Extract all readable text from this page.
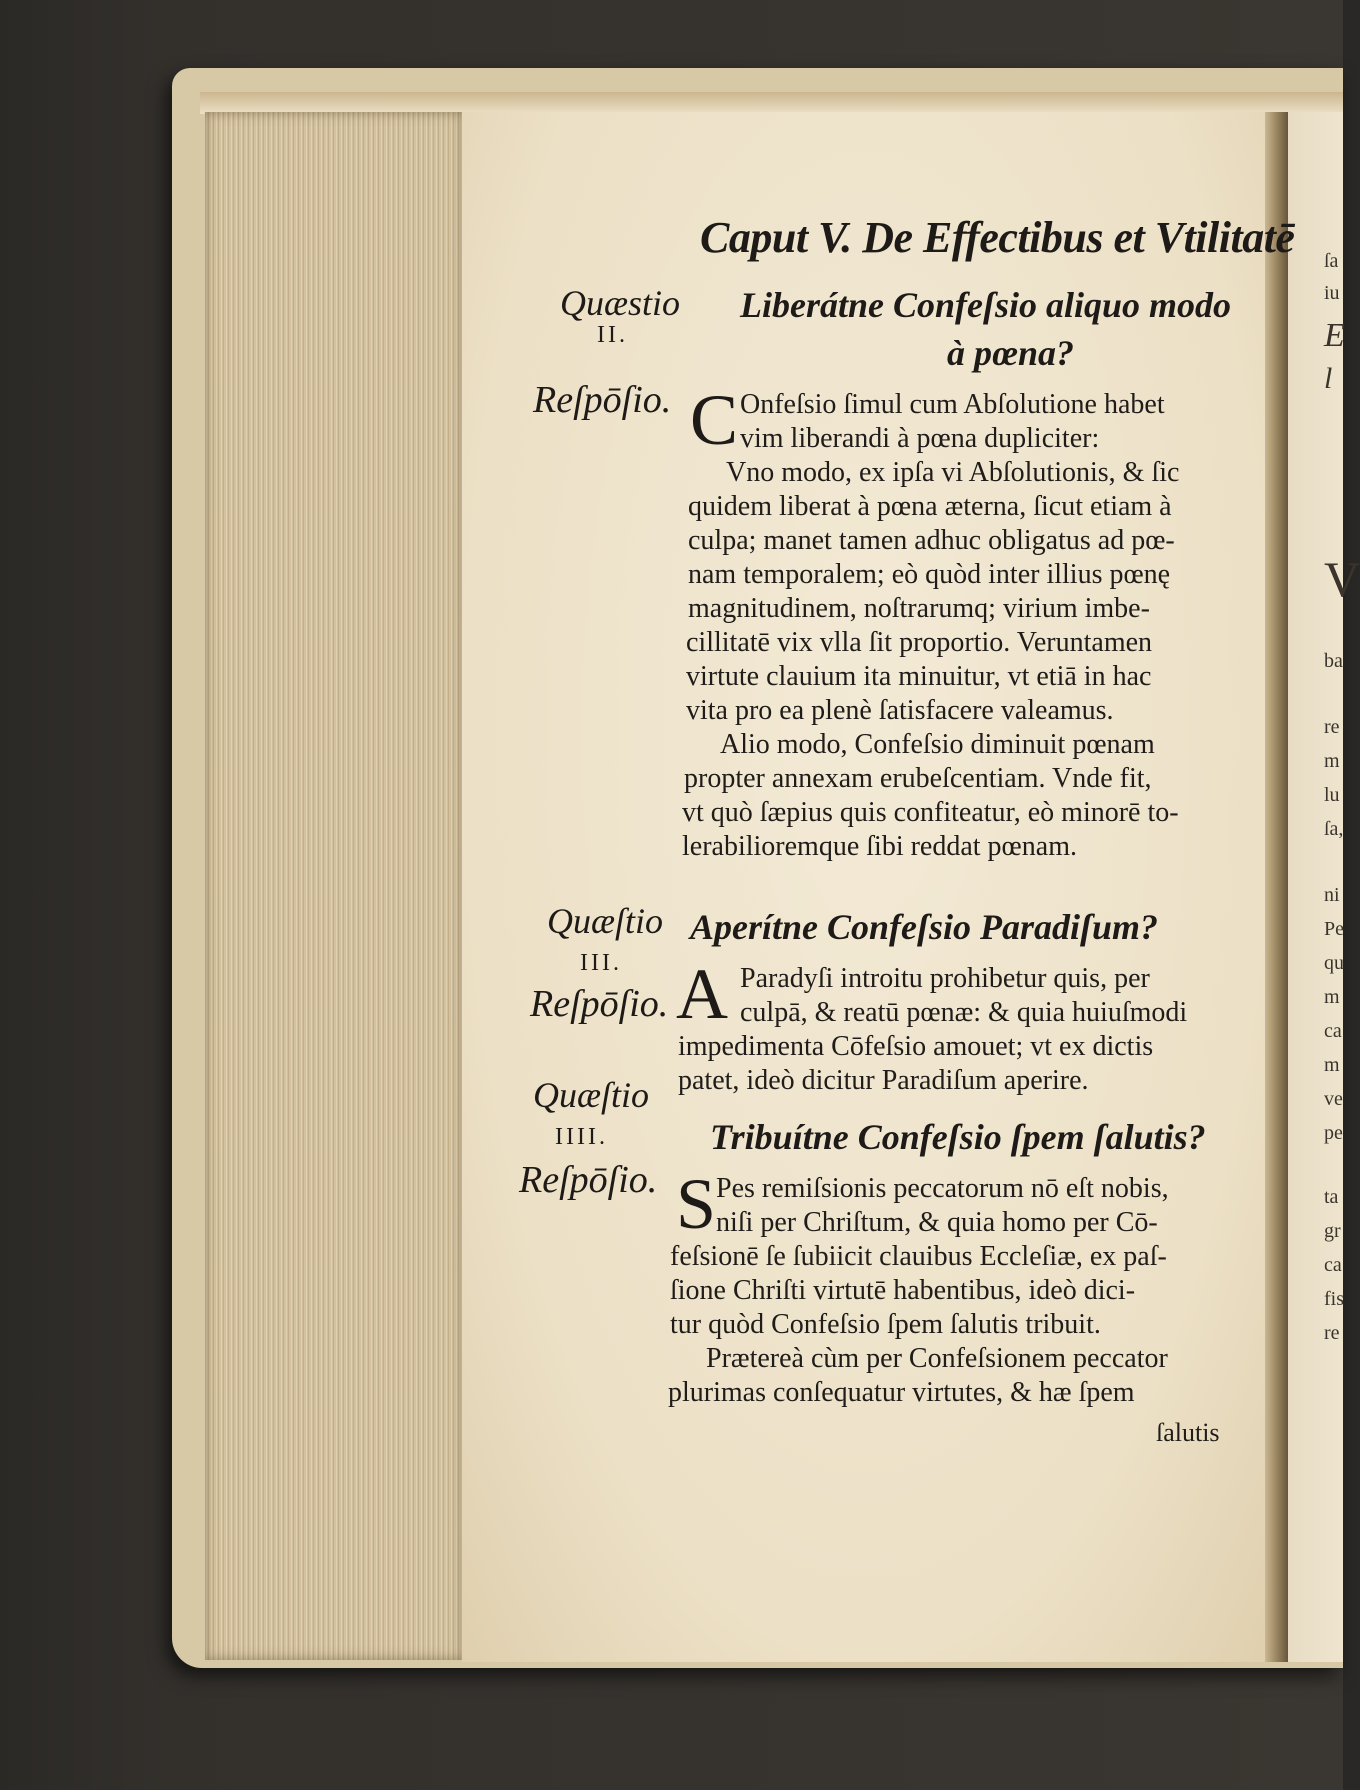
ſa
iu
E
l
V
ba
re
m
lu
ſa,
ni
Pe
qu
m
ca
m
ve
pe
ta
gr
ca
fis
re
Caput V. De Effectibus et Vtilitatē
Quæstio
II.
Reſpōſio.
Quæſtio
III.
Reſpōſio.
Quæſtio
IIII.
Reſpōſio.
Liberátne Confeſsio aliquo modo
à pœna?
C Onfeſsio ſimul cum Abſolutione habet
vim liberandi à pœna dupliciter:
Vno modo, ex ipſa vi Abſolutionis, & ſic
quidem liberat à pœna æterna, ſicut etiam à
culpa; manet tamen adhuc obligatus ad pœ-
nam temporalem; eò quòd inter illius pœnę
magnitudinem, noſtrarumq; virium imbe-
cillitatē vix vlla ſit proportio. Veruntamen
virtute clauium ita minuitur, vt etiā in hac
vita pro ea plenè ſatisfacere valeamus.
Alio modo, Confeſsio diminuit pœnam
propter annexam erubeſcentiam. Vnde fit,
vt quò ſæpius quis confiteatur, eò minorē to-
lerabilioremque ſibi reddat pœnam.
Aperítne Confeſsio Paradiſum?
A Paradyſi introitu prohibetur quis, per
culpā, & reatū pœnæ: & quia huiuſmodi
impedimenta Cōfeſsio amouet; vt ex dictis
patet, ideò dicitur Paradiſum aperire.
Tribuítne Confeſsio ſpem ſalutis?
S Pes remiſsionis peccatorum nō eſt nobis,
niſi per Chriſtum, & quia homo per Cō-
feſsionē ſe ſubiicit clauibus Eccleſiæ, ex paſ-
ſione Chriſti virtutē habentibus, ideò dici-
tur quòd Confeſsio ſpem ſalutis tribuit.
Prӕtereà cùm per Confeſsionem peccator
plurimas conſequatur virtutes, & hæ ſpem
ſalutis
